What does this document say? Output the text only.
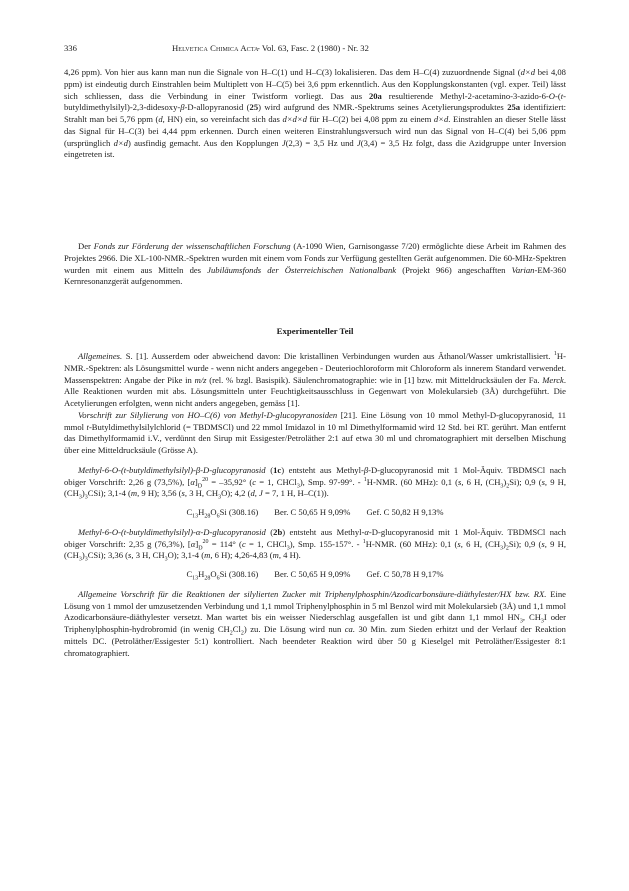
336	Helvetica Chimica Acta
- Vol. 63, Fasc. 2 (1980) - Nr. 32

4,26 ppm). Von hier aus kann man nun die Signale von H–C(1) und H–C(3) lokalisieren. Das dem H–C(4) zuzuordnende Signal (d×d bei 4,08 ppm) ist eindeutig durch Einstrahlen beim Multiplett von H–C(5) bei 3,6 ppm erkenntlich. Aus den Kopplungskonstanten (vgl. exper. Teil) lässt sich schliessen, dass die Verbindung in einer Twistform vorliegt. Das aus 20a resultierende Methyl-2-acetamino-3-azido-6-O-(t-butyldimethylsilyl)-2,3-didesoxy-β-D-allopyranosid (25) wird aufgrund des NMR.-Spektrums seines Acetylierungsproduktes 25a identifiziert: Strahlt man bei 5,76 ppm (d, HN) ein, so vereinfacht sich das d×d×d für H–C(2) bei 4,08 ppm zu einem d×d. Einstrahlen an dieser Stelle lässt das Signal für H–C(3) bei 4,44 ppm erkennen. Durch einen weiteren Einstrahlungsversuch wird nun das Signal von H–C(4) bei 5,06 ppm (ursprünglich d×d) ausfindig gemacht. Aus den Kopplungen J(2,3) = 3,5 Hz und J(3,4) = 3,5 Hz folgt, dass die Azidgruppe unter Inversion eingetreten ist.

Der Fonds zur Förderung der wissenschaftlichen Forschung (A-1090 Wien, Garnisongasse 7/20) ermöglichte diese Arbeit im Rahmen des Projektes 2966. Die XL-100-NMR.-Spektren wurden mit einem vom Fonds zur Verfügung gestellten Gerät aufgenommen. Die 60-MHz-Spektren wurden mit einem aus Mitteln des Jubiläumsfonds der Österreichischen Nationalbank (Projekt 966) angeschafften Varian-EM-360 Kernresonanzgerät aufgenommen.

Experimenteller Teil

Allgemeines. S. [1]. Ausserdem oder abweichend davon: Die kristallinen Verbindungen wurden aus Äthanol/Wasser umkristallisiert. $^1$H-NMR.-Spektren: als Lösungsmittel wurde - wenn nicht anders angegeben - Deuteriochloroform mit Chloroform als innerem Standard verwendet. Massenspektren: Angabe der Pike in m/z (rel. % bzgl. Basispik). Säulenchromatographie: wie in [1] bzw. mit Mitteldrucksäulen der Fa. Merck. Alle Reaktionen wurden mit abs. Lösungsmitteln unter Feuchtigkeitsausschluss in Gegenwart von Molekularsieb (3Å) durchgeführt. Die Acetylierungen erfolgten, wenn nicht anders angegeben, gemäss [1].

Vorschrift zur Silylierung von HO–C(6) von Methyl-D-glucopyranosiden [21]. Eine Lösung von 10 mmol Methyl-D-glucopyranosid, 11 mmol t-Butyldimethylsilylchlorid (= TBDMSCl) und 22 mmol Imidazol in 10 ml Dimethylformamid wird 12 Std. bei RT. gerührt. Man entfernt das Dimethylformamid i.V., verdünnt den Sirup mit Essigester/Petroläther 2:1 auf etwa 30 ml und chromatographiert mit derselben Mischung über eine Mitteldrucksäule (Grösse A).

Methyl-6-O-(t-butyldimethylsilyl)-β-D-glucopyranosid (1c) entsteht aus Methyl-β-D-glucopyranosid mit 1 Mol-Äquiv. TBDMSCl nach obiger Vorschrift: 2,26 g (73,5%), $[\alpha]_D^{20} = -35,92^\circ$ (c = 1, CHCl$_3$), Smp. 97-99°. - $^1$H-NMR. (60 MHz): 0,1 (s, 6 H, $(CH_3)_2Si$); 0,9 (s, 9 H, $(CH_3)_3CSi$); 3,1-4 (m, 9 H); 3,56 (s, 3 H, $CH_3O$); 4,2 (d, J = 7, 1 H, H–C(1)).

$C_{13}H_{28}O_6Si$ (308.16) Ber. C 50,65 H 9,09% Gef. C 50,82 H 9,13%

Methyl-6-O-(t-butyldimethylsilyl)-α-D-glucopyranosid (2b) entsteht aus Methyl-α-D-glucopyranosid mit 1 Mol-Äquiv. TBDMSCl nach obiger Vorschrift: 2,35 g (76,3%), $[\alpha]_D^{20} = 114^\circ$ (c = 1, CHCl$_3$), Smp. 155-157°. - $^1$H-NMR. (60 MHz): 0,1 (s, 6 H, $(CH_3)_2Si$); 0,9 (s, 9 H, $(CH_3)_3CSi$); 3,36 (s, 3 H, $CH_3O$); 3,1-4 (m, 6 H); 4,26-4,83 (m, 4 H).

$C_{13}H_{28}O_6Si$ (308.16) Ber. C 50,65 H 9,09% Gef. C 50,78 H 9,17%

Allgemeine Vorschrift für die Reaktionen der silylierten Zucker mit Triphenylphosphin/Azodicarbonsäure-diäthylester/HX bzw. RX. Eine Lösung von 1 mmol der umzusetzenden Verbindung und 1,1 mmol Triphenylphosphin in 5 ml Benzol wird mit Molekularsieb (3Å) und 1,1 mmol Azodicarbonsäure-diäthylester versetzt. Man wartet bis ein weisser Niederschlag ausgefallen ist und gibt dann 1,1 mmol $HN_3$, $CH_3I$ oder Triphenylphosphin-hydrobromid (in wenig $CH_2Cl_2$) zu. Die Lösung wird nun ca. 30 Min. zum Sieden erhitzt und der Verlauf der Reaktion mittels DC. (Petroläther/Essigester 5:1) kontrolliert. Nach beendeter Reaktion wird über 50 g Kieselgel mit Petroläther/Essigester 8:1 chromatographiert.
